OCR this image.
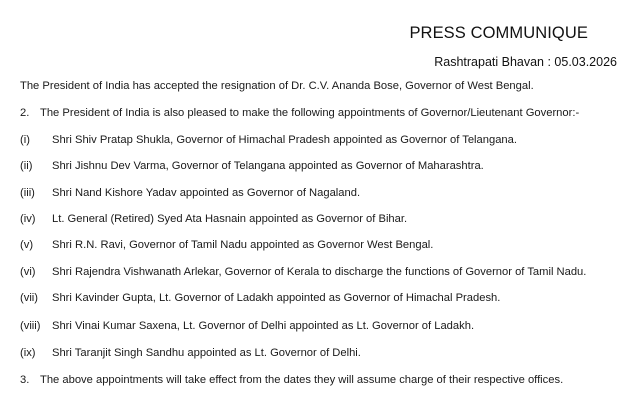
PRESS COMMUNIQUE
Rashtrapati Bhavan : 05.03.2026
The President of India has accepted the resignation of Dr. C.V. Ananda Bose, Governor of West Bengal.
2. The President of India is also pleased to make the following appointments of Governor/Lieutenant Governor:-
(i) Shri Shiv Pratap Shukla, Governor of Himachal Pradesh appointed as Governor of Telangana.
(ii) Shri Jishnu Dev Varma, Governor of Telangana appointed as Governor of Maharashtra.
(iii) Shri Nand Kishore Yadav appointed as Governor of Nagaland.
(iv) Lt. General (Retired) Syed Ata Hasnain appointed as Governor of Bihar.
(v) Shri R.N. Ravi, Governor of Tamil Nadu appointed as Governor West Bengal.
(vi) Shri Rajendra Vishwanath Arlekar, Governor of Kerala to discharge the functions of Governor of Tamil Nadu.
(vii) Shri Kavinder Gupta, Lt. Governor of Ladakh appointed as Governor of Himachal Pradesh.
(viii) Shri Vinai Kumar Saxena, Lt. Governor of Delhi appointed as Lt. Governor of Ladakh.
(ix) Shri Taranjit Singh Sandhu appointed as Lt. Governor of Delhi.
3. The above appointments will take effect from the dates they will assume charge of their respective offices.
